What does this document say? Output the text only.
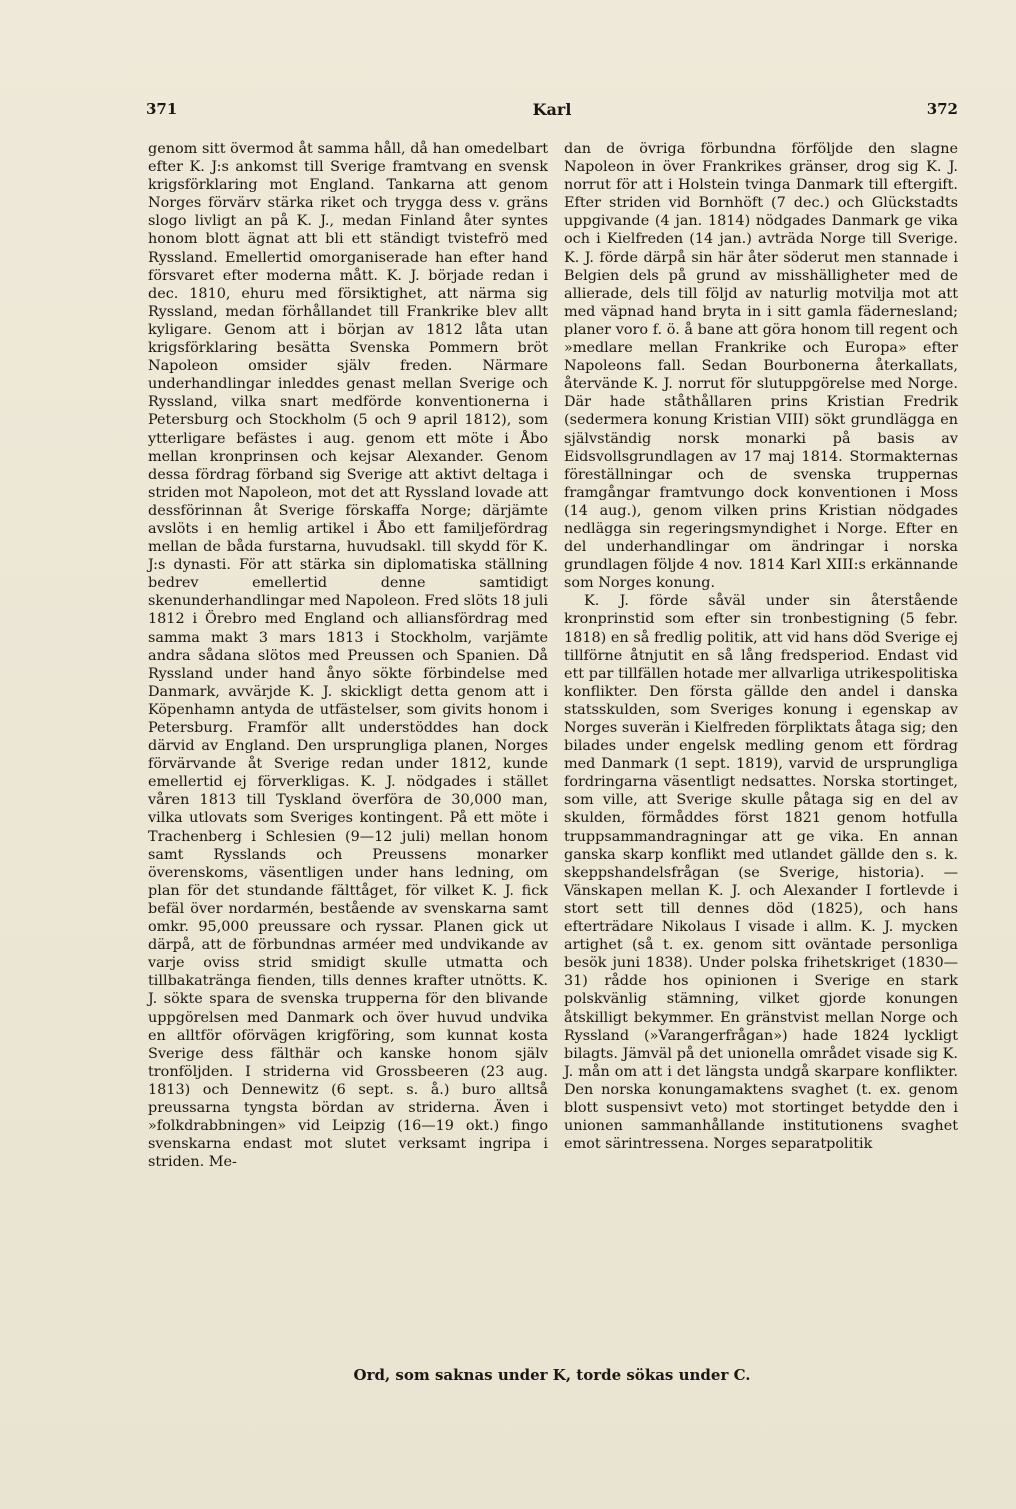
371	Karl	372

genom sitt övermod åt samma håll, då han omedelbart efter K. J:s ankomst till Sverige framtvang en svensk krigsförklaring mot England. Tankarna att genom Norges förvärv stärka riket och trygga dess v. gräns slogo livligt an på K. J., medan Finland åter syntes honom blott ägnat att bli ett ständigt tvistefrö med Ryssland. Emellertid omorganiserade han efter hand försvaret efter moderna mått. K. J. började redan i dec. 1810, ehuru med försiktighet, att närma sig Ryssland, medan förhållandet till Frankrike blev allt kyligare. Genom att i början av 1812 låta utan krigsförklaring besätta Svenska Pommern bröt Napoleon omsider själv freden. Närmare underhandlingar inleddes genast mellan Sverige och Ryssland, vilka snart medförde konventionerna i Petersburg och Stockholm (5 och 9 april 1812), som ytterligare befästes i aug. genom ett möte i Åbo mellan kronprinsen och kejsar Alexander. Genom dessa fördrag förband sig Sverige att aktivt deltaga i striden mot Napoleon, mot det att Ryssland lovade att dessförinnan åt Sverige förskaffa Norge; därjämte avslöts i en hemlig artikel i Åbo ett familjefördrag mellan de båda furstarna, huvudsakl. till skydd för K. J:s dynasti. För att stärka sin diplomatiska ställning bedrev emellertid denne samtidigt skenunderhandlingar med Napoleon. Fred slöts 18 juli 1812 i Örebro med England och alliansfördrag med samma makt 3 mars 1813 i Stockholm, varjämte andra sådana slötos med Preussen och Spanien. Då Ryssland under hand ånyo sökte förbindelse med Danmark, avvärjde K. J. skickligt detta genom att i Köpenhamn antyda de utfästelser, som givits honom i Petersburg. Framför allt understöddes han dock därvid av England. Den ursprungliga planen, Norges förvärvande åt Sverige redan under 1812, kunde emellertid ej förverkligas. K. J. nödgades i stället våren 1813 till Tyskland överföra de 30,000 man, vilka utlovats som Sveriges kontingent. På ett möte i Trachenberg i Schlesien (9—12 juli) mellan honom samt Rysslands och Preussens monarker överenskoms, väsentligen under hans ledning, om plan för det stundande fälttåget, för vilket K. J. fick befäl över nordarmén, bestående av svenskarna samt omkr. 95,000 preussare och ryssar. Planen gick ut därpå, att de förbundnas arméer med undvikande av varje oviss strid smidigt skulle utmatta och tillbakaträngа fienden, tills dennes krafter utnötts. K. J. sökte spara de svenska trupperna för den blivande uppgörelsen med Danmark och över huvud undvika en alltför oförvägen krigföring, som kunnat kosta Sverige dess fälthär och kanske honom själv tronföljden. I striderna vid Grossbeeren (23 aug. 1813) och Dennewitz (6 sept. s. å.) buro alltså preussarna tyngsta bördan av striderna. Även i »folkdrabbningen» vid Leipzig (16—19 okt.) fingo svenskarna endast mot slutet verksamt ingripa i striden. Me-

dan de övriga förbundna förföljde den slagne Napoleon in över Frankrikes gränser, drog sig K. J. norrut för att i Holstein tvinga Danmark till eftergift. Efter striden vid Bornhöft (7 dec.) och Glückstadts uppgivande (4 jan. 1814) nödgades Danmark ge vika och i Kielfreden (14 jan.) avträda Norge till Sverige. K. J. förde därpå sin här åter söderut men stannade i Belgien dels på grund av misshälligheter med de allierade, dels till följd av naturlig motvilja mot att med väpnad hand bryta in i sitt gamla fädernesland; planer voro f. ö. å bane att göra honom till regent och »medlare mellan Frankrike och Europa» efter Napoleons fall. Sedan Bourbonerna återkallats, återvände K. J. norrut för slutuppgörelse med Norge. Där hade ståthållaren prins Kristian Fredrik (sedermera konung Kristian VIII) sökt grundlägga en självständig norsk monarki på basis av Eidsvollsgrundlagen av 17 maj 1814. Stormakternas föreställningar och de svenska truppernas framgångar framtvungo dock konventionen i Moss (14 aug.), genom vilken prins Kristian nödgades nedlägga sin regeringsmyndighet i Norge. Efter en del underhandlingar om ändringar i norska grundlagen följde 4 nov. 1814 Karl XIII:s erkännande som Norges konung.

K. J. förde såväl under sin återstående kronprinstid som efter sin tronbestigning (5 febr. 1818) en så fredlig politik, att vid hans död Sverige ej tillförne åtnjutit en så lång fredsperiod. Endast vid ett par tillfällen hotade mer allvarliga utrikespolitiska konflikter. Den första gällde den andel i danska statsskulden, som Sveriges konung i egenskap av Norges suverän i Kielfreden förpliktats åtaga sig; den bilades under engelsk medling genom ett fördrag med Danmark (1 sept. 1819), varvid de ursprungliga fordringarna väsentligt nedsattes. Norska stortinget, som ville, att Sverige skulle påtaga sig en del av skulden, förmåddes först 1821 genom hotfulla truppsammandragningar att ge vika. En annan ganska skarp konflikt med utlandet gällde den s. k. skeppshandelsfrågan (se Sverige, historia). — Vänskapen mellan K. J. och Alexander I fortlevde i stort sett till dennes död (1825), och hans efterträdare Nikolaus I visade i allm. K. J. mycken artighet (så t. ex. genom sitt oväntade personliga besök juni 1838). Under polska frihetskriget (1830—31) rådde hos opinionen i Sverige en stark polskvänlig stämning, vilket gjorde konungen åtskilligt bekymmer. En gränstvist mellan Norge och Ryssland (»Varangerfrågan») hade 1824 lyckligt bilagts. Jämväl på det unionella området visade sig K. J. mån om att i det längsta undgå skarpare konflikter. Den norska konungamaktens svaghet (t. ex. genom blott suspensivt veto) mot stortinget betydde den i unionen sammanhållande institutionens svaghet emot särintressena. Norges separatpolitik

Ord, som saknas under K, torde sökas under C.
